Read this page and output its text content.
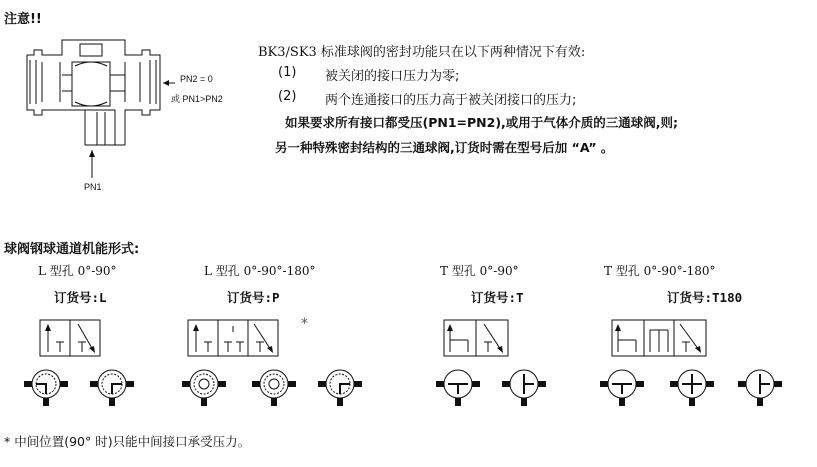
注意!!
PN2 = 0
或 PN1>PN2
PN1
BK3/SK3 标准球阀的密封功能只在以下两种情况下有效:
(1) 被关闭的接口压力为零;
(2) 两个连通接口的压力高于被关闭接口的压力;
如果要求所有接口都受压(PN1=PN2),或用于气体介质的三通球阀,则;
另一种特殊密封结构的三通球阀,订货时需在型号后加 “A” 。
球阀钢球通道机能形式:
L 型孔 0°-90°
订货号:L
L 型孔 0°-90°-180°
订货号:P
T 型孔 0°-90°
订货号:T
T 型孔 0°-90°-180°
订货号:T180
*
* 中间位置(90° 时)只能中间接口承受压力。
